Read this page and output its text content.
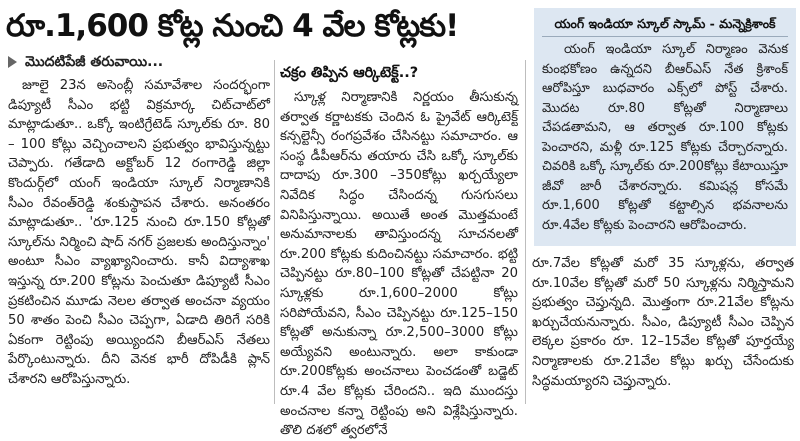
రూ.1,600 కోట్ల నుంచి 4 వేల కోట్లకు!
మొదటిపేజీ తరువాయి...

జూలై 23న అసెంబ్లీ సమావేశాల సందర్భంగా డిప్యూటీ సీఎం భట్టి విక్రమార్క చిట్‌చాట్‌లో మాట్లాడుతూ.. ఒక్కో ఇంటిగ్రేటెడ్ స్కూల్‌కు రూ. 80 – 100 కోట్లు వెచ్చించాలని ప్రభుత్వం భావిస్తున్నట్టు చెప్పారు. గతేడాది అక్టోబర్ 12 రంగారెడ్డి జిల్లా కొందుర్గ్‌లో యంగ్ ఇండియా స్కూల్ నిర్మాణానికి సీఎం రేవంత్‌రెడ్డి శంకుస్థాపన చేశారు. అనంతరం మాట్లాడుతూ.. 'రూ.125 నుంచి రూ.150 కోట్లతో స్కూల్‌ను నిర్మించి షాద్ నగర్ ప్రజలకు అందిస్తున్నాం' అంటూ సీఎం వ్యాఖ్యానించారు. కానీ విద్యాశాఖ ఇస్తున్న రూ.200 కోట్లను పెంచుతూ డిప్యూటీ సీఎం ప్రకటించిన మూడు నెలల తర్వాత అంచనా వ్యయం 50 శాతం పెంచి సీఎం చెప్పగా, ఏడాది తిరిగే సరికి ఏకంగా రెట్టింపు అయ్యిందని బీఆర్‌ఎస్ నేతలు పేర్కొంటున్నారు. దీని వెనక భారీ దోపిడీకి ప్లాన్ చేశారని ఆరోపిస్తున్నారు.

చక్రం తిప్పిన ఆర్కిటెక్ట్..?

స్కూళ్ల నిర్మాణానికి నిర్ణయం తీసుకున్న తర్వాత కర్ణాటకకు చెందిన ఓ ప్రైవేట్ ఆర్కిటెక్ట్ కన్సల్టెన్సీ రంగప్రవేశం చేసినట్టు సమాచారం. ఆ సంస్థ డీపీఆర్‌ను తయారు చేసి ఒక్కో స్కూల్‌కు దాదాపు రూ.300 –350కోట్లు ఖర్చయ్యేలా నివేదిక సిద్ధం చేసిందన్న గుసగుసలు వినిపిస్తున్నాయి. అయితే అంత మొత్తమంటే అనుమానాలకు తావిస్తుందన్న సూచనలతో రూ.200 కోట్లకు కుదించినట్టు సమాచారం. భట్టి చెప్పినట్టు రూ.80–100 కోట్లతో చేపట్టినా 20 స్కూళ్లకు రూ.1,600–2000 కోట్లు సరిపోయేవని, సీఎం చెప్పినట్టు రూ.125–150 కోట్లతో అనుకున్నా రూ.2,500–3000 కోట్లు అయ్యేవని అంటున్నారు. అలా కాకుండా రూ.200కోట్లకు అంచనాలు పెంచడంతో బడ్జెట్ రూ.4 వేల కోట్లకు చేరిందని.. ఇది ముందస్తు అంచనాల కన్నా రెట్టింపు అని విశ్లేషిస్తున్నారు. తొలి దశలో త్వరలోనే

యంగ్ ఇండియా స్కూల్ స్కామ్ - మన్నెక్రిశాంక్

యంగ్ ఇండియా స్కూల్ నిర్మాణం వెనుక కుంభకోణం ఉన్నదని బీఆర్‌ఎస్ నేత క్రిశాంక్ ఆరోపిస్తూ బుధవారం ఎక్స్‌లో పోస్ట్ చేశారు. మొదట రూ.80 కోట్లతో నిర్మాణాలు చేపడతామని, ఆ తర్వాత రూ.100 కోట్లకు పెంచారని, మళ్లీ రూ.125 కోట్లకు చేర్చారన్నారు. చివరికి ఒక్కో స్కూల్‌కు రూ.200కోట్లు కేటాయిస్తూ జీవో జారీ చేశారన్నారు. కమిషన్ల కోసమే రూ.1,600 కోట్లతో కట్టాల్సిన భవనాలను రూ.4వేల కోట్లకు పెంచారని ఆరోపించారు.

రూ.7వేల కోట్లతో మరో 35 స్కూళ్లను, తర్వాత రూ.10వేల కోట్లతో మరో 50 స్కూళ్లను నిర్మిస్తామని ప్రభుత్వం చెప్తున్నది. మొత్తంగా రూ.21వేల కోట్లను ఖర్చుచేయనున్నారు. సీఎం, డిప్యూటీ సీఎం చెప్పిన లెక్కల ప్రకారం రూ. 12–15వేల కోట్లతో పూర్తయ్యే నిర్మాణాలకు రూ.21వేల కోట్లు ఖర్చు చేసేందుకు సిద్ధమయ్యారని చెప్తున్నారు.
